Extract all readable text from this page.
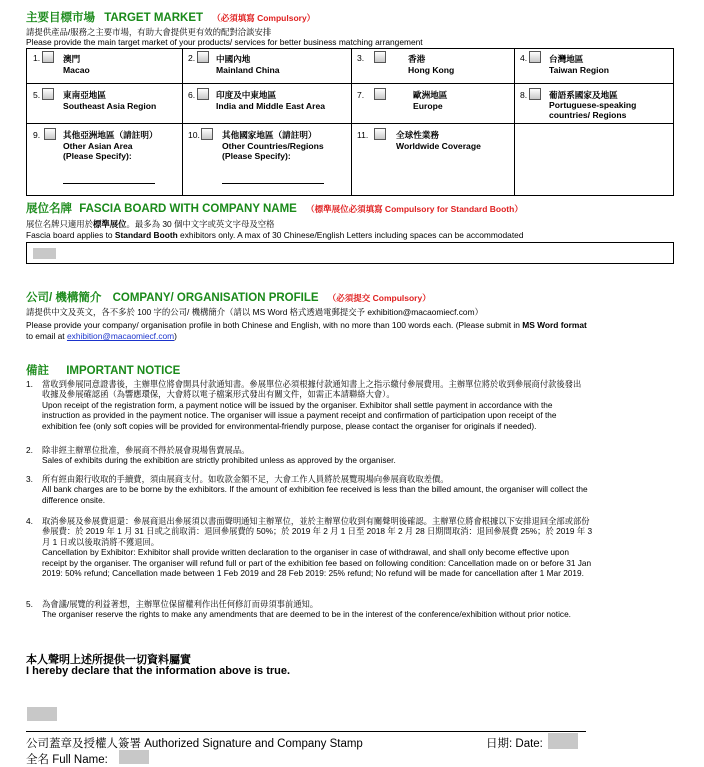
主要目標市場 TARGET MARKET （必須填寫 Compulsory）
請提供產品/服務之主要市場，有助大會提供更有效的配對洽談安排
Please provide the main target market of your products/ services for better business matching arrangement
1.	澳門
Macao
2. 中國內地
Mainland China
3.	香港
Hong Kong
4.	台灣地區
Taiwan Region
5.	東南亞地區
Southeast Asia Region
6. 印度及中東地區
India and Middle East Area
7.	歐洲地區
Europe
8.	葡語系國家及地區
Portuguese-speaking
countries/ Regions
9.	其他亞洲地區（請註明）
Other Asian Area
(Please Specify):
10.	其他國家地區（請註明）
Other Countries/Regions
(Please Specify):
11.	全球性業務
Worldwide Coverage
展位名牌 FASCIA BOARD WITH COMPANY NAME （標準展位必須填寫 Compulsory for Standard Booth）
展位名牌只適用於標準展位。最多為 30 個中文字或英文字母及空格
Fascia board applies to Standard Booth exhibitors only. A max of 30 Chinese/English Letters including spaces can be accommodated
公司/ 機構簡介 COMPANY/ ORGANISATION PROFILE （必須提交 Compulsory）
請提供中文及英文，各不多於 100 字的公司/ 機構簡介（請以 MS Word 格式透過電郵提交予 exhibition@macaomiecf.com）
Please provide your company/ organisation profile in both Chinese and English, with no more than 100 words each. (Please submit in MS Word format
to email at exhibition@macaomiecf.com)
備註 IMPORTANT NOTICE
1. 當收到參展同意證書後，主辦單位將會開具付款通知書。參展單位必須根據付款通知書上之指示繳付參展費用。主辦單位將於收到參展商付款後發出
收據及參展確認函（為響應環保，大會將以電子檔案形式發出有關文件，如需正本請聯絡大會）。
Upon receipt of the registration form, a payment notice will be issued by the organiser. Exhibitor shall settle payment in accordance with the
instruction as provided in the payment notice. The organiser will issue a payment receipt and confirmation of participation upon receipt of the
exhibition fee (only soft copies will be provided for environmental-friendly purpose, please contact the organiser for originals if needed).
2. 除非經主辦單位批准，參展商不得於展會現場售賣展品。
Sales of exhibits during the exhibition are strictly prohibited unless as approved by the organiser.
3. 所有經由銀行收取的手續費，須由展商支付。如收款金額不足，大會工作人員將於展覽現場向參展商收取差價。
All bank charges are to be borne by the exhibitors. If the amount of exhibition fee received is less than the billed amount, the organiser will collect the
difference onsite.
4. 取消參展及參展費退還：參展商退出參展須以書面聲明通知主辦單位，並於主辦單位收到有關聲明後確認。主辦單位將會根據以下安排退回全部或部份
參展費：於 2019 年 1 月 31 日或之前取消：退回參展費的 50%；於 2019 年 2 月 1 日至 2018 年 2 月 28 日期間取消：退回參展費 25%；於 2019 年 3
月 1 日或以後取消將不獲退回。
Cancellation by Exhibitor: Exhibitor shall provide written declaration to the organiser in case of withdrawal, and shall only become effective upon
receipt by the organiser. The organiser will refund full or part of the exhibition fee based on following condition: Cancellation made on or before 31 Jan
2019: 50% refund; Cancellation made between 1 Feb 2019 and 28 Feb 2019: 25% refund; No refund will be made for cancellation after 1 Mar 2019.
5. 為會議/展覽的利益著想，主辦單位保留權利作出任何修訂而毋須事前通知。
The organiser reserve the rights to make any amendments that are deemed to be in the interest of the conference/exhibition without prior notice.
本人聲明上述所提供一切資料屬實
I hereby declare that the information above is true.
公司蓋章及授權人簽署 Authorized Signature and Company Stamp	日期: Date:
全名 Full Name:
